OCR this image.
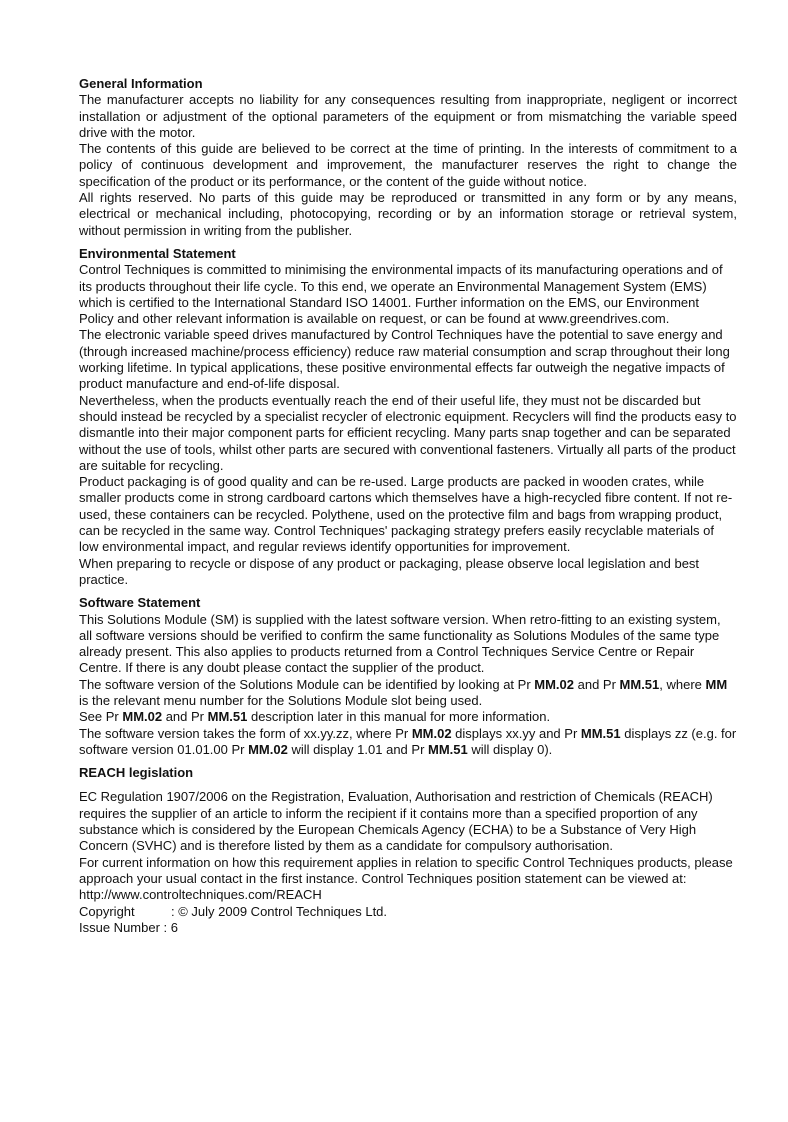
General Information

The manufacturer accepts no liability for any consequences resulting from inappropriate, negligent or incorrect installation or adjustment of the optional parameters of the equipment or from mismatching the variable speed drive with the motor.

The contents of this guide are believed to be correct at the time of printing. In the interests of commitment to a policy of continuous development and improvement, the manufacturer reserves the right to change the specification of the product or its performance, or the content of the guide without notice.

All rights reserved. No parts of this guide may be reproduced or transmitted in any form or by any means, electrical or mechanical including, photocopying, recording or by an information storage or retrieval system, without permission in writing from the publisher.

Environmental Statement

Control Techniques is committed to minimising the environmental impacts of its manufacturing operations and of its products throughout their life cycle. To this end, we operate an Environmental Management System (EMS) which is certified to the International Standard ISO 14001. Further information on the EMS, our Environment Policy and other relevant information is available on request, or can be found at www.greendrives.com.

The electronic variable speed drives manufactured by Control Techniques have the potential to save energy and (through increased machine/process efficiency) reduce raw material consumption and scrap throughout their long working lifetime. In typical applications, these positive environmental effects far outweigh the negative impacts of product manufacture and end-of-life disposal.

Nevertheless, when the products eventually reach the end of their useful life, they must not be discarded but should instead be recycled by a specialist recycler of electronic equipment. Recyclers will find the products easy to dismantle into their major component parts for efficient recycling. Many parts snap together and can be separated without the use of tools, whilst other parts are secured with conventional fasteners. Virtually all parts of the product are suitable for recycling.

Product packaging is of good quality and can be re-used. Large products are packed in wooden crates, while smaller products come in strong cardboard cartons which themselves have a high-recycled fibre content. If not re-used, these containers can be recycled. Polythene, used on the protective film and bags from wrapping product, can be recycled in the same way. Control Techniques' packaging strategy prefers easily recyclable materials of low environmental impact, and regular reviews identify opportunities for improvement.

When preparing to recycle or dispose of any product or packaging, please observe local legislation and best practice.

Software Statement

This Solutions Module (SM) is supplied with the latest software version. When retro-fitting to an existing system, all software versions should be verified to confirm the same functionality as Solutions Modules of the same type already present. This also applies to products returned from a Control Techniques Service Centre or Repair Centre. If there is any doubt please contact the supplier of the product.

The software version of the Solutions Module can be identified by looking at Pr MM.02 and Pr MM.51, where MM is the relevant menu number for the Solutions Module slot being used.

See Pr MM.02 and Pr MM.51 description later in this manual for more information.

The software version takes the form of xx.yy.zz, where Pr MM.02 displays xx.yy and Pr MM.51 displays zz (e.g. for software version 01.01.00 Pr MM.02 will display 1.01 and Pr MM.51 will display 0).

REACH legislation

EC Regulation 1907/2006 on the Registration, Evaluation, Authorisation and restriction of Chemicals (REACH) requires the supplier of an article to inform the recipient if it contains more than a specified proportion of any substance which is considered by the European Chemicals Agency (ECHA) to be a Substance of Very High Concern (SVHC) and is therefore listed by them as a candidate for compulsory authorisation.

For current information on how this requirement applies in relation to specific Control Techniques products, please approach your usual contact in the first instance. Control Techniques position statement can be viewed at:

http://www.controltechniques.com/REACH

Copyright	: © July 2009 Control Techniques Ltd.
Issue Number : 6
